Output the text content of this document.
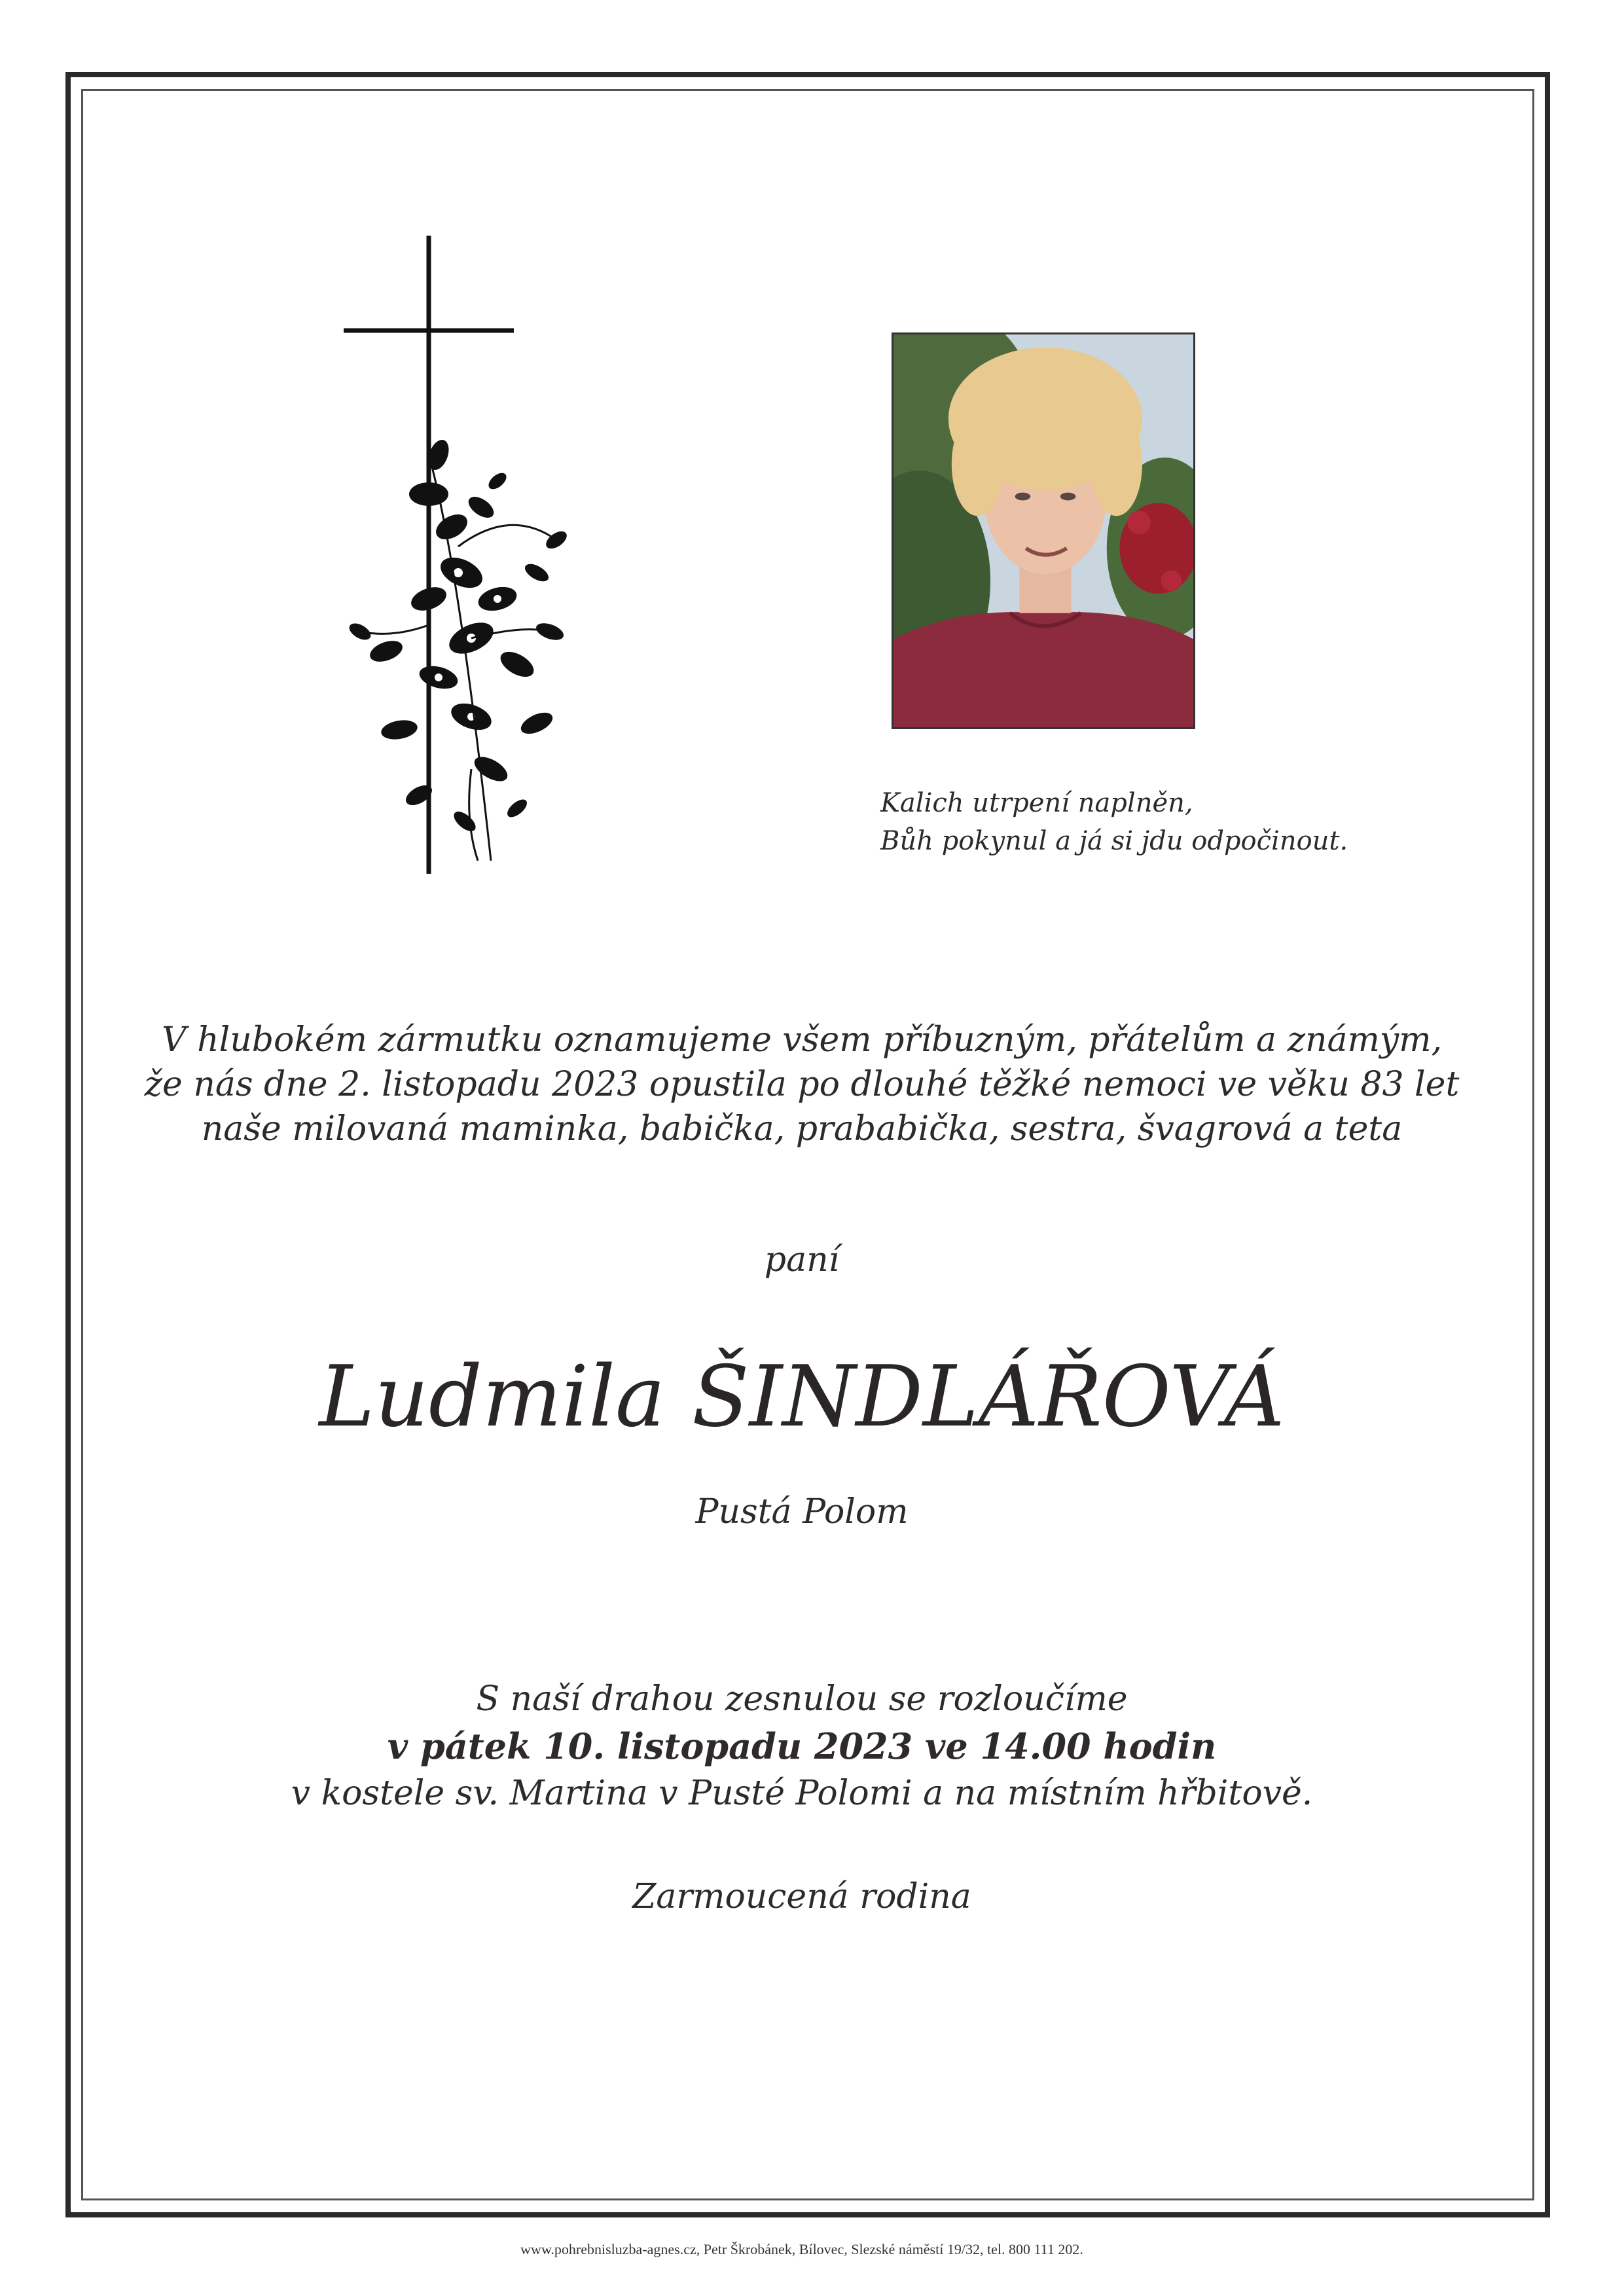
Kalich utrpení naplněn,
Bůh pokynul a já si jdu odpočinout.
V hlubokém zármutku oznamujeme všem příbuzným, přátelům a známým,
že nás dne 2. listopadu 2023 opustila po dlouhé těžké nemoci ve věku 83 let
naše milovaná maminka, babička, prababička, sestra, švagrová a teta
paní
Ludmila ŠINDLÁŘOVÁ
Pustá Polom
S naší drahou zesnulou se rozloučíme
v pátek 10. listopadu 2023 ve 14.00 hodin
v kostele sv. Martina v Pusté Polomi a na místním hřbitově.
Zarmoucená rodina
www.pohrebnisluzba-agnes.cz, Petr Škrobánek, Bílovec, Slezské náměstí 19/32, tel. 800 111 202.
